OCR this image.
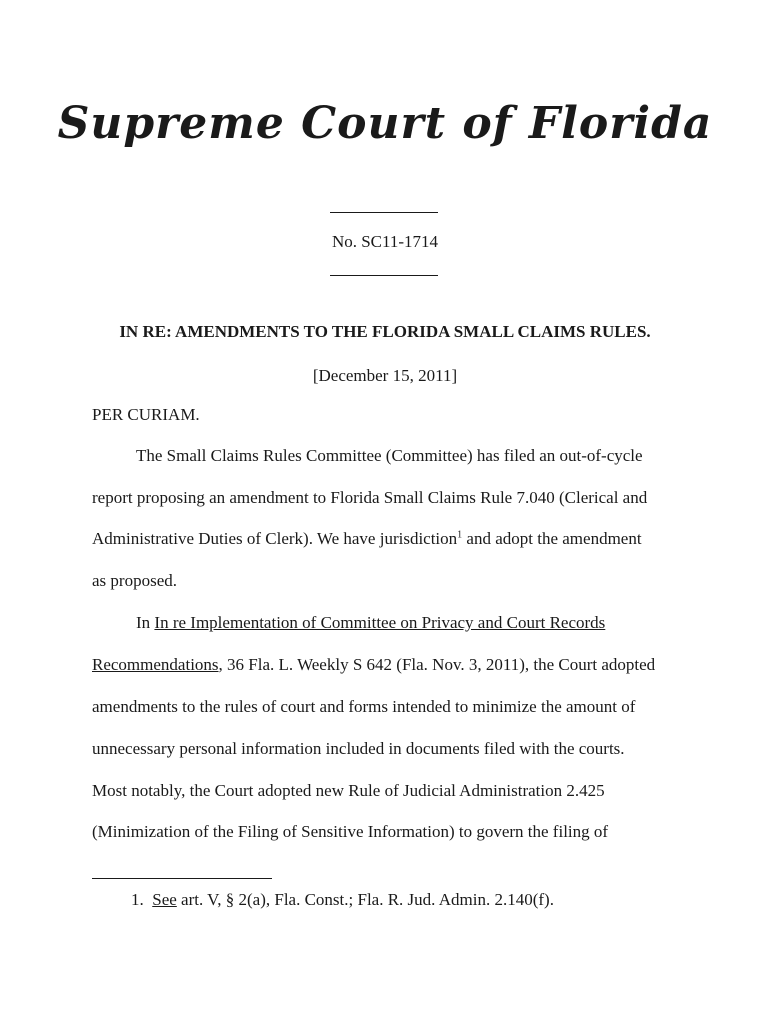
Supreme Court of Florida
No. SC11-1714
IN RE: AMENDMENTS TO THE FLORIDA SMALL CLAIMS RULES.
[December 15, 2011]
PER CURIAM.
The Small Claims Rules Committee (Committee) has filed an out-of-cycle
report proposing an amendment to Florida Small Claims Rule 7.040 (Clerical and
Administrative Duties of Clerk). We have jurisdiction$^1$ and adopt the amendment
as proposed.
In In re Implementation of Committee on Privacy and Court Records
Recommendations, 36 Fla. L. Weekly S 642 (Fla. Nov. 3, 2011), the Court adopted
amendments to the rules of court and forms intended to minimize the amount of
unnecessary personal information included in documents filed with the courts.
Most notably, the Court adopted new Rule of Judicial Administration 2.425
(Minimization of the Filing of Sensitive Information) to govern the filing of
1. See art. V, § 2(a), Fla. Const.; Fla. R. Jud. Admin. 2.140(f).
